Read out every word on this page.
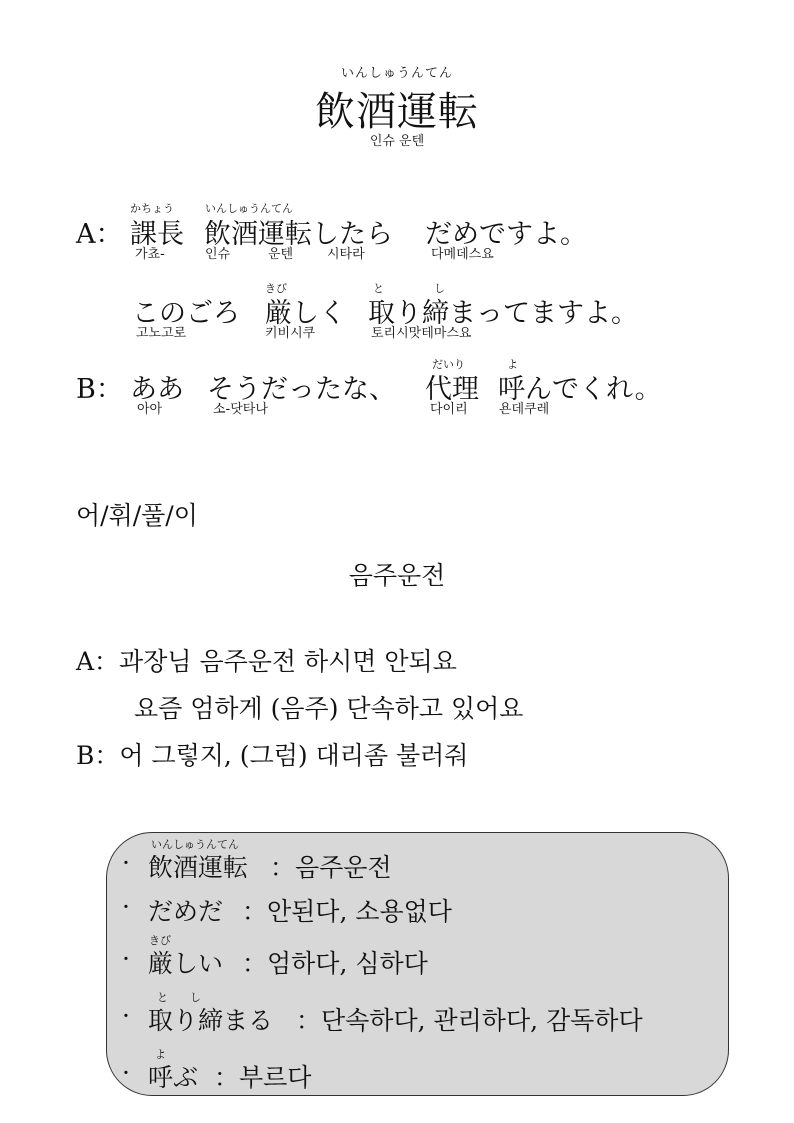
いんしゅうんてん
飲酒運転
인슈 운텐
かちょう	いんしゅうんてん
A： 課長 飲酒運転したら だめですよ。
가쵸-	인슈	운텐	시타라	다메데스요
きび	と	し
このごろ 厳しく 取り締まってますよ。
고노고로	키비시쿠	토리시맛테마스요
だいり	よ
B： ああ そうだったな、 代理 呼んでくれ。
아아	소-닷타나	다이리 욘데쿠레
어/휘/풀/이
음주운전
A：과장님 음주운전 하시면 안되요
요즘 엄하게 (음주) 단속하고 있어요
B：어 그렇지, (그럼) 대리좀 불러줘
いんしゅうんてん
· 飲酒運転 ：음주운전
· だめだ ：안된다, 소용없다
きび
· 厳しい ：엄하다, 심하다
と　　し
· 取り締まる ：단속하다, 관리하다, 감독하다
よ
· 呼ぶ ：부르다
